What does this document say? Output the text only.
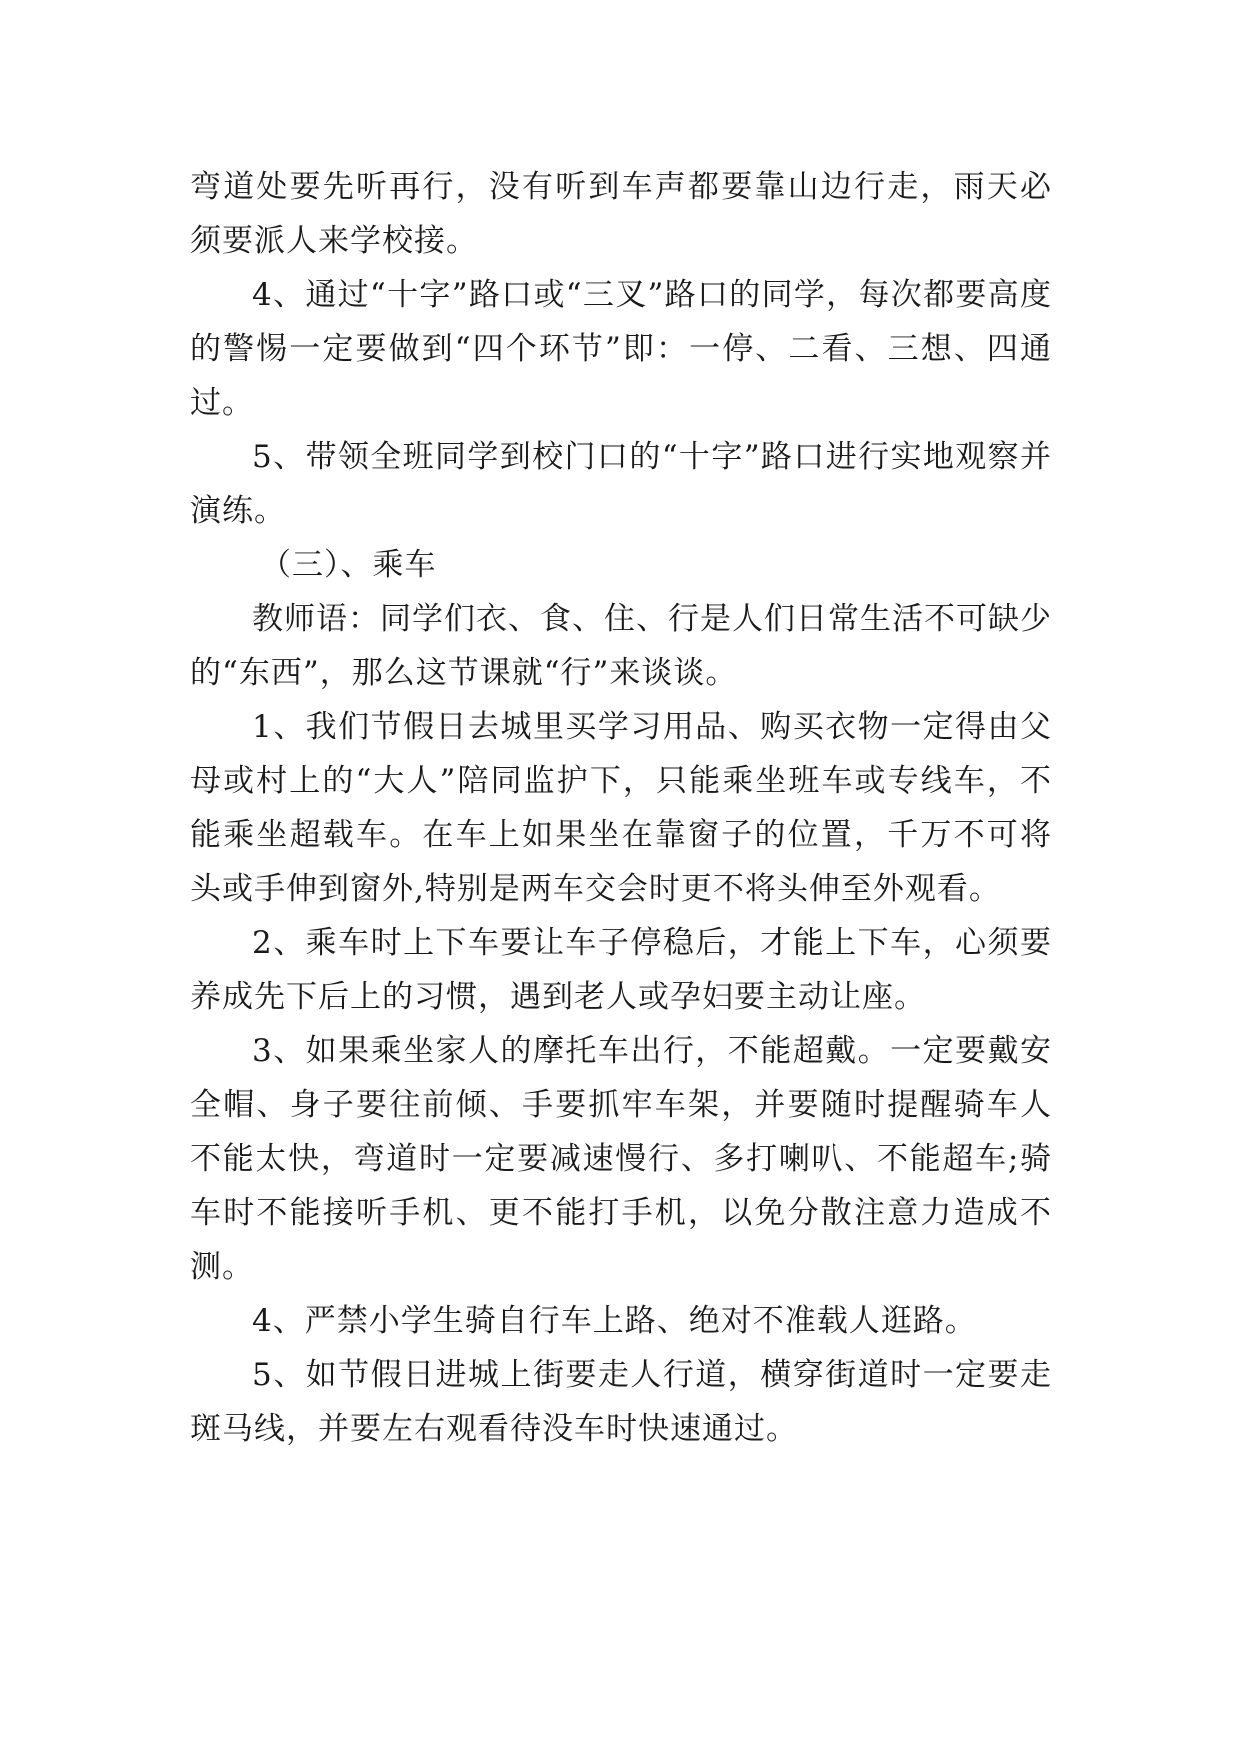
弯道处要先听再行，没有听到车声都要靠山边行走，雨天必须要派人来学校接。

4、通过“十字”路口或“三叉”路口的同学，每次都要高度的警惕一定要做到“四个环节”即：一停、二看、三想、四通过。

5、带领全班同学到校门口的“十字”路口进行实地观察并演练。

（三）、乘车

教师语：同学们衣、食、住、行是人们日常生活不可缺少的“东西”，那么这节课就“行”来谈谈。

1、我们节假日去城里买学习用品、购买衣物一定得由父母或村上的“大人”陪同监护下，只能乘坐班车或专线车，不能乘坐超载车。在车上如果坐在靠窗子的位置，千万不可将头或手伸到窗外,特别是两车交会时更不将头伸至外观看。

2、乘车时上下车要让车子停稳后，才能上下车，心须要养成先下后上的习惯，遇到老人或孕妇要主动让座。

3、如果乘坐家人的摩托车出行，不能超戴。一定要戴安全帽、身子要往前倾、手要抓牢车架，并要随时提醒骑车人不能太快，弯道时一定要减速慢行、多打喇叭、不能超车;骑车时不能接听手机、更不能打手机，以免分散注意力造成不测。

4、严禁小学生骑自行车上路、绝对不准载人逛路。

5、如节假日进城上街要走人行道，横穿街道时一定要走斑马线，并要左右观看待没车时快速通过。
